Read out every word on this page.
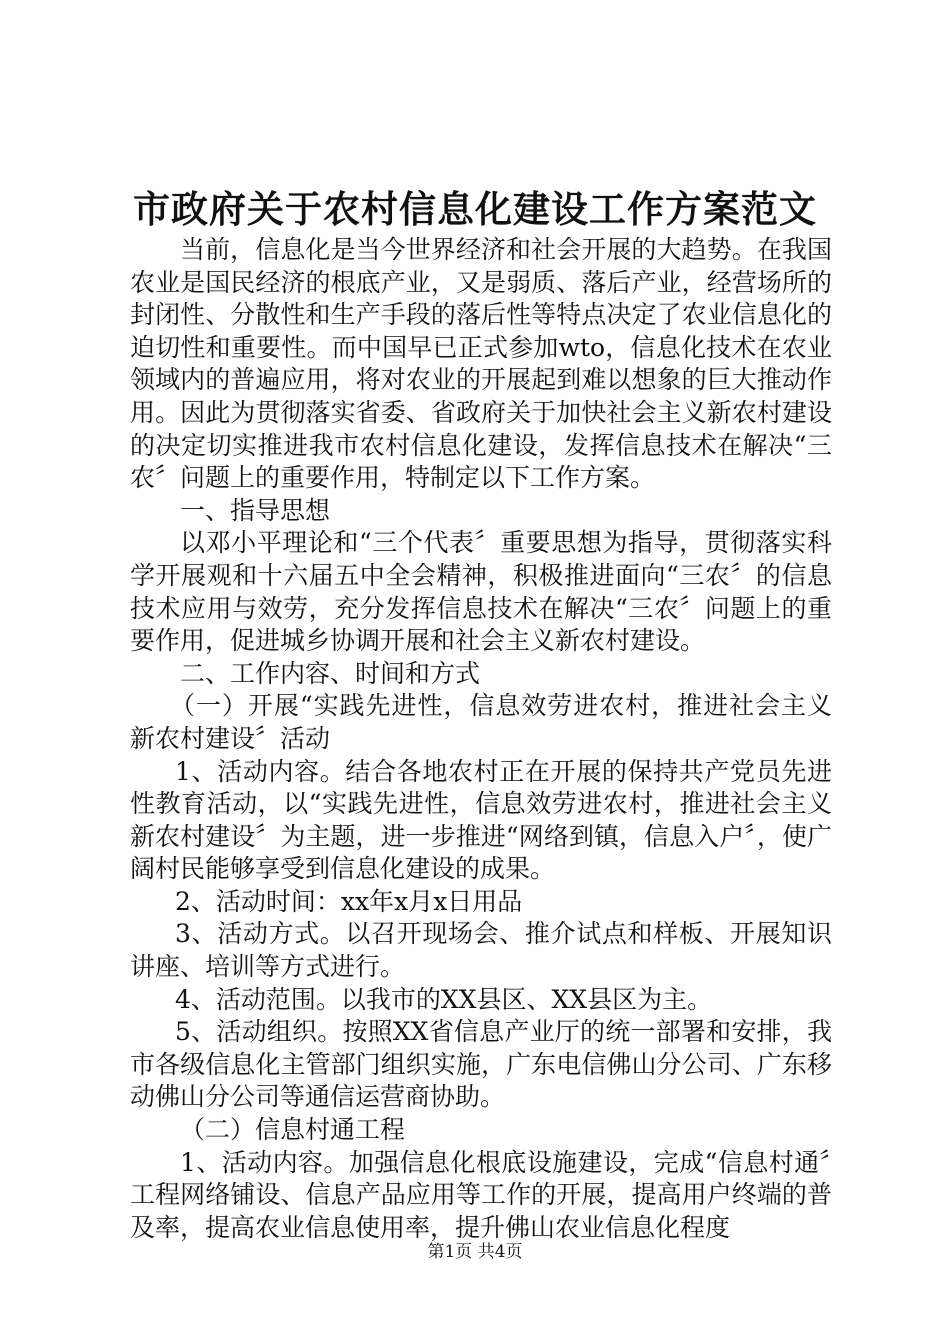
市政府关于农村信息化建设工作方案范文

当前，信息化是当今世界经济和社会开展的大趋势。在我国农业是国民经济的根底产业，又是弱质、落后产业，经营场所的封闭性、分散性和生产手段的落后性等特点决定了农业信息化的迫切性和重要性。而中国早已正式参加wto，信息化技术在农业领域内的普遍应用，将对农业的开展起到难以想象的巨大推动作用。因此为贯彻落实省委、省政府关于加快社会主义新农村建设的决定切实推进我市农村信息化建设，发挥信息技术在解决“三农〞问题上的重要作用，特制定以下工作方案。

一、指导思想

以邓小平理论和“三个代表〞重要思想为指导，贯彻落实科学开展观和十六届五中全会精神，积极推进面向“三农〞的信息技术应用与效劳，充分发挥信息技术在解决“三农〞问题上的重要作用，促进城乡协调开展和社会主义新农村建设。

二、工作内容、时间和方式

（一）开展“实践先进性，信息效劳进农村，推进社会主义新农村建设〞活动

1、活动内容。结合各地农村正在开展的保持共产党员先进性教育活动，以“实践先进性，信息效劳进农村，推进社会主义新农村建设〞为主题，进一步推进“网络到镇，信息入户〞，使广阔村民能够享受到信息化建设的成果。

2、活动时间：xx年x月x日用品

3、活动方式。以召开现场会、推介试点和样板、开展知识讲座、培训等方式进行。

4、活动范围。以我市的XX县区、XX县区为主。

5、活动组织。按照XX省信息产业厅的统一部署和安排，我市各级信息化主管部门组织实施，广东电信佛山分公司、广东移动佛山分公司等通信运营商协助。

（二）信息村通工程

1、活动内容。加强信息化根底设施建设，完成“信息村通〞工程网络铺设、信息产品应用等工作的开展，提高用户终端的普及率，提高农业信息使用率，提升佛山农业信息化程度

第1页 共4页
